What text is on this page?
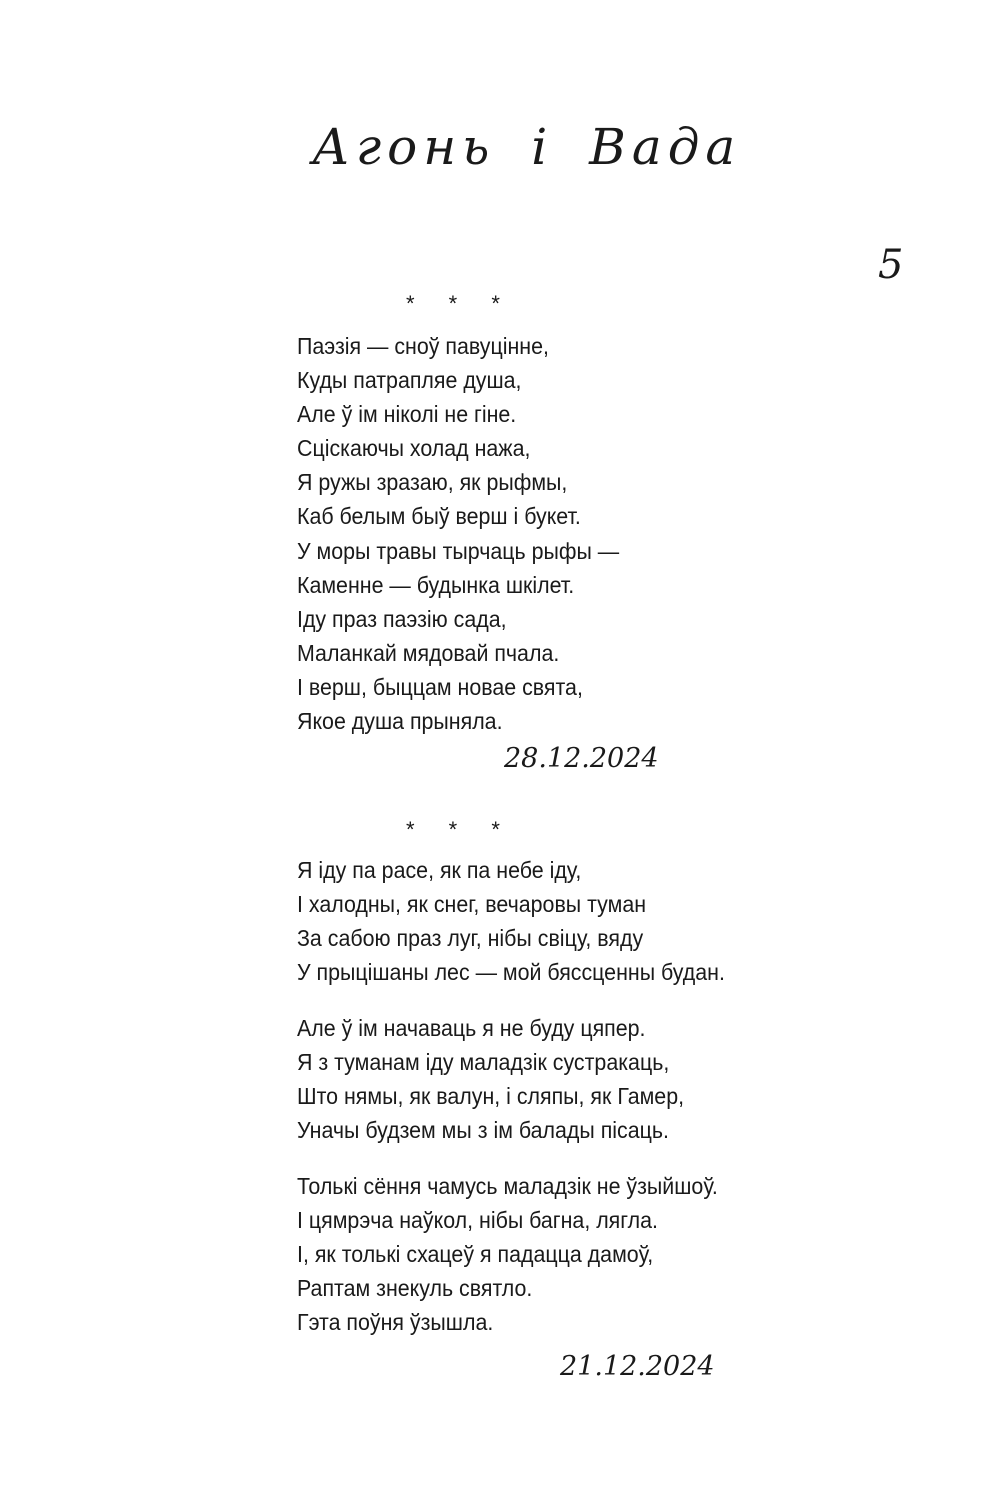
Агонь і Вада
5
* * *

Паэзія — сноў павуцінне,
Куды патрапляе душа,
Але ў ім ніколі не гіне.
Сціскаючы холад нажа,
Я ружы зразаю, як рыфмы,
Каб белым быў верш і букет.
У моры травы тырчаць рыфы —
Каменне — будынка шкілет.
Іду праз паэзію сада,
Маланкай мядовай пчала.
І верш, быццам новае свята,
Якое душа прыняла.

28.12.2024
* * *

Я іду па расе, як па небе іду,
І халодны, як снег, вечаровы туман
За сабою праз луг, нібы свіцу, вяду
У прыцішаны лес — мой бясcценны будан.

Але ў ім начаваць я не буду цяпер.
Я з туманам іду маладзік сустракаць,
Што нямы, як валун, і сляпы, як Гамер,
Уначы будзем мы з ім балады пісаць.

Толькі сёння чамусь маладзік не ўзыйшоў.
І цямрэча наўкол, нібы багна, лягла.
І, як толькі схацеў я падацца дамоў,
Раптам знекуль святло.
Гэта поўня ўзышла.

21.12.2024
